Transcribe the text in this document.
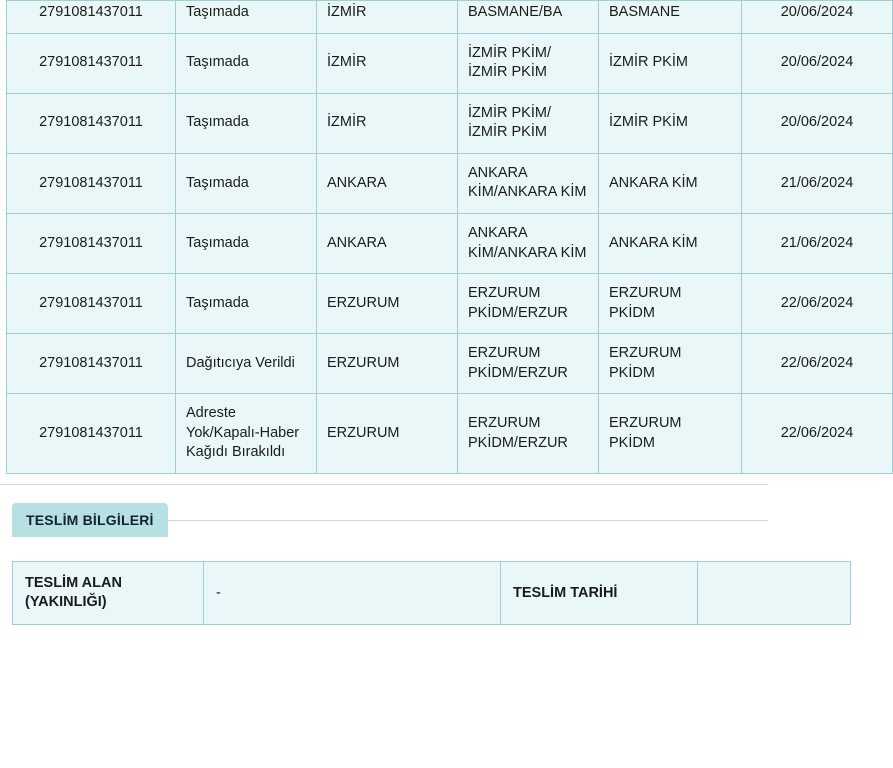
2791081437011	Taşımada	İZMİR	BASMANE/BA	BASMANE	20/06/2024
2791081437011	Taşımada	İZMİR	İZMİR PKİM/İZMİR PKİM	İZMİR PKİM	20/06/2024
2791081437011	Taşımada	İZMİR	İZMİR PKİM/İZMİR PKİM	İZMİR PKİM	20/06/2024
2791081437011	Taşımada	ANKARA	ANKARA KİM/ANKARA KİM	ANKARA KİM	21/06/2024
2791081437011	Taşımada	ANKARA	ANKARA KİM/ANKARA KİM	ANKARA KİM	21/06/2024
2791081437011	Taşımada	ERZURUM	ERZURUM PKİDM/ERZUR	ERZURUM PKİDM	22/06/2024
2791081437011	Dağıtıcıya Verildi	ERZURUM	ERZURUM PKİDM/ERZUR	ERZURUM PKİDM	22/06/2024
2791081437011	Adreste Yok/Kapalı-Haber Kağıdı Bırakıldı	ERZURUM	ERZURUM PKİDM/ERZUR	ERZURUM PKİDM	22/06/2024
TESLİM BİLGİLERİ
TESLİM ALAN (YAKINLIĞI)	-	TESLİM TARİHİ	
